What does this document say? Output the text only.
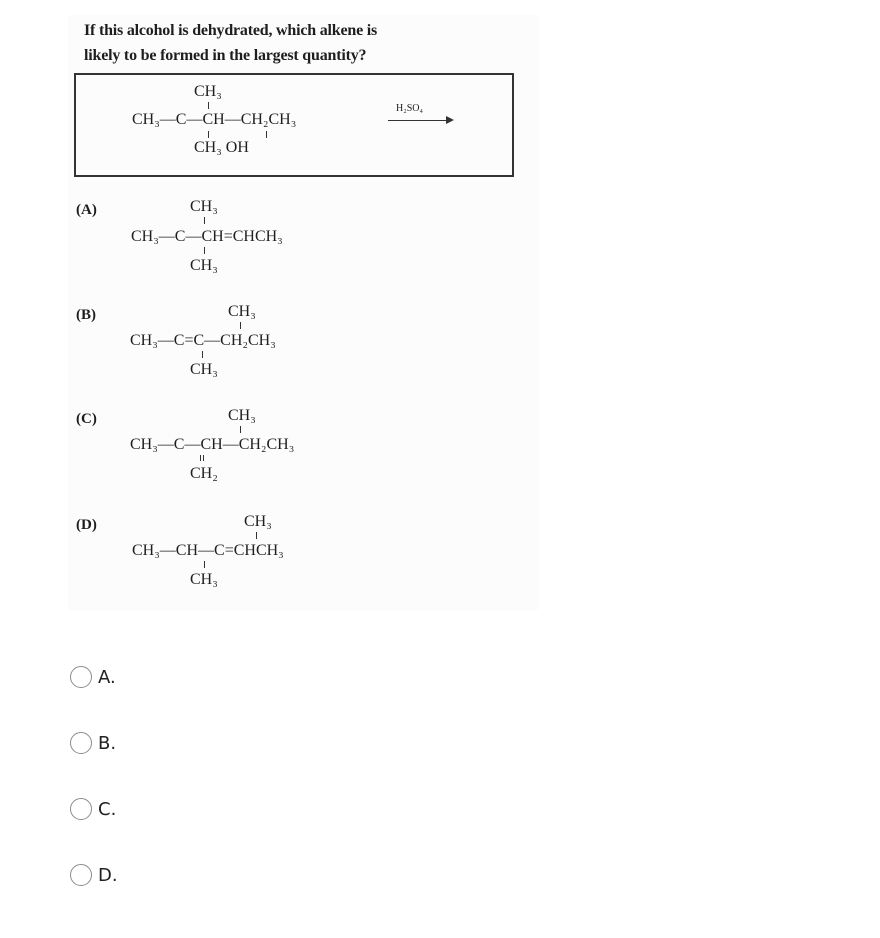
If this alcohol is dehydrated, which alkene is
likely to be formed in the largest quantity?
CH₃
CH₃—C—CH—CH₂CH₃
CH₃ OH
H₂SO₄
(A)	CH₃
CH₃—C—CH=CHCH₃
CH₃
(B)	CH₃
CH₃—C=C—CH₂CH₃
CH₃
(C)	CH₃
CH₃—C—CH—CH₂CH₃
CH₂
(D)	CH₃
CH₃—CH—C=CHCH₃
CH₃
A.
B.
C.
D.
